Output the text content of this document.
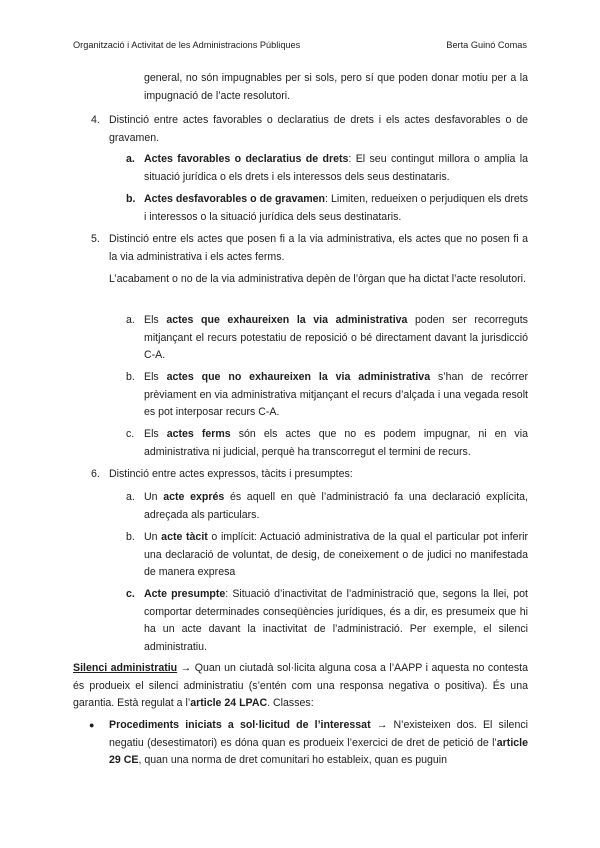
Organització i Activitat de les Administracions Públiques	Berta Guinó Comas
general, no són impugnables per si sols, pero sí que poden donar motiu per a la impugnació de l’acte resolutori.
4. Distinció entre actes favorables o declaratius de drets i els actes desfavorables o de gravamen.
a. Actes favorables o declaratius de drets: El seu contingut millora o amplia la situació jurídica o els drets i els interessos dels seus destinataris.
b. Actes desfavorables o de gravamen: Limiten, redueixen o perjudiquen els drets i interessos o la situació jurídica dels seus destinataris.
5. Distinció entre els actes que posen fi a la via administrativa, els actes que no posen fi a la via administrativa i els actes ferms.
L’acabament o no de la via administrativa depèn de l’òrgan que ha dictat l’acte resolutori.
a. Els actes que exhaureixen la via administrativa poden ser recorreguts mitjançant el recurs potestatiu de reposició o bé directament davant la jurisdicció C-A.
b. Els actes que no exhaureixen la via administrativa s’han de recórrer prèviament en via administrativa mitjançant el recurs d’alçada i una vegada resolt es pot interposar recurs C-A.
c. Els actes ferms són els actes que no es podem impugnar, ni en via administrativa ni judicial, perquè ha transcorregut el termini de recurs.
6. Distinció entre actes expressos, tàcits i presumptes:
a. Un acte exprés és aquell en què l’administració fa una declaració explícita, adreçada als particulars.
b. Un acte tàcit o implícit: Actuació administrativa de la qual el particular pot inferir una declaració de voluntat, de desig, de coneixement o de judici no manifestada de manera expresa
c. Acte presumpte: Situació d’inactivitat de l’administració que, segons la llei, pot comportar determinades conseqüències jurídiques, és a dir, es presumeix que hi ha un acte davant la inactivitat de l’administració. Per exemple, el silenci administratiu.
Silenci administratiu → Quan un ciutadà sol·licita alguna cosa a l’AAPP i aquesta no contesta és produeix el silenci administratiu (s’entén com una responsa negativa o positiva). És una garantia. Està regulat a l’article 24 LPAC. Classes:
● Procediments iniciats a sol·licitud de l’interessat → N’existeixen dos. El silenci negatiu (desestimatori) es dóna quan es produeix l’exercici de dret de petició de l’article 29 CE, quan una norma de dret comunitari ho estableix, quan es puguin
